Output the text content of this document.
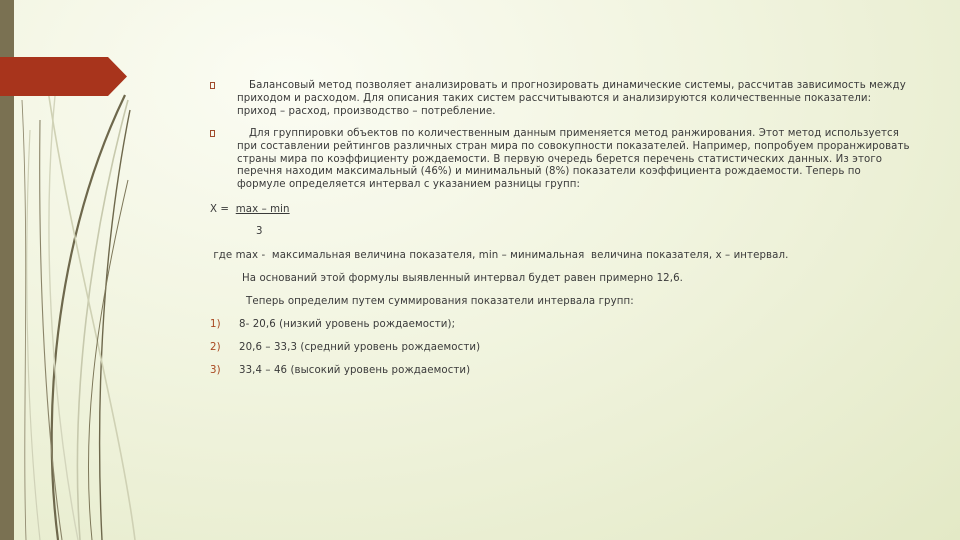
Балансовый метод позволяет анализировать и прогнозировать динамические системы, рассчитав зависимость между приходом и расходом. Для описания таких систем рассчитываются и анализируются количественные показатели: приход – расход, производство – потребление.
Для группировки объектов по количественным данным применяется метод ранжирования. Этот метод используется при составлении рейтингов различных стран мира по совокупности показателей. Например, попробуем проранжировать страны мира по коэффициенту рождаемости. В первую очередь берется перечень статистических данных. Из этого перечня находим максимальный (46%) и минимальный (8%) показатели коэффициента рождаемости. Теперь по формуле определяется интервал с указанием разницы групп:

X =  max – min

3

где max -  максимальная величина показателя, min – минимальная  величина показателя, x – интервал.

На оснований этой формулы выявленный интервал будет равен примерно 12,6.

Теперь определим путем суммирования показатели интервала групп:

1) 8- 20,6 (низкий уровень рождаемости);
2) 20,6 – 33,3 (средний уровень рождаемости)
3) 33,4 – 46 (высокий уровень рождаемости)
